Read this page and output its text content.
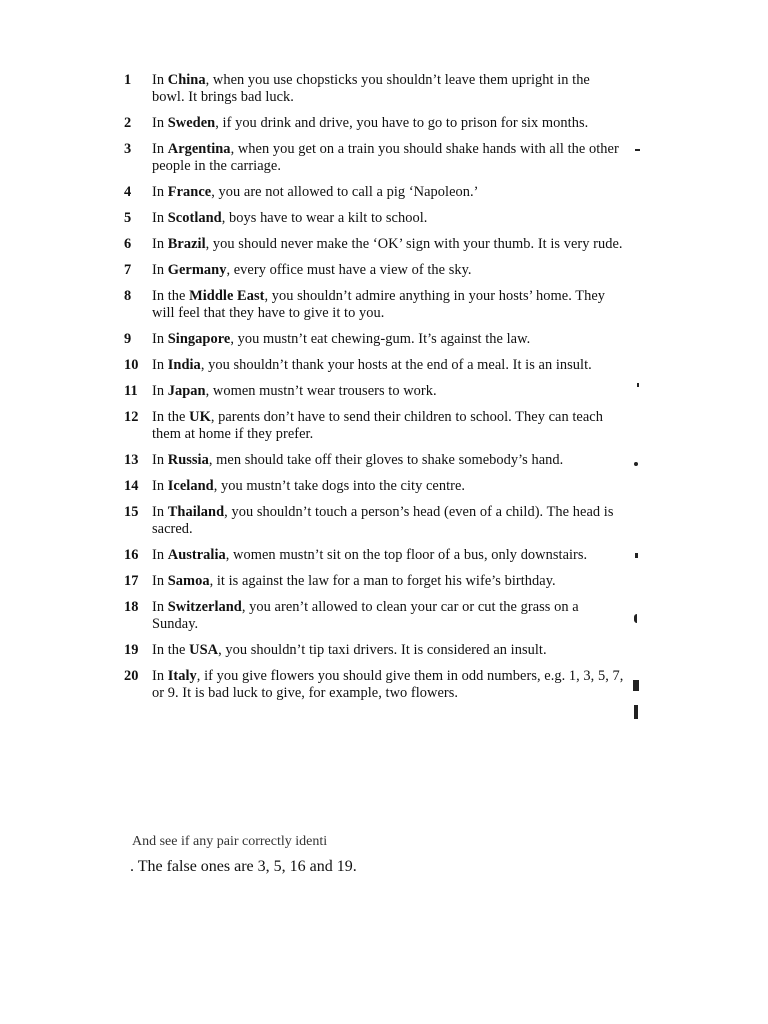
1	In China, when you use chopsticks you shouldn’t leave them upright in the bowl. It brings bad luck.
2	In Sweden, if you drink and drive, you have to go to prison for six months.
3	In Argentina, when you get on a train you should shake hands with all the other people in the carriage.
4	In France, you are not allowed to call a pig ‘Napoleon.’
5	In Scotland, boys have to wear a kilt to school.
6	In Brazil, you should never make the ‘OK’ sign with your thumb. It is very rude.
7	In Germany, every office must have a view of the sky.
8	In the Middle East, you shouldn’t admire anything in your hosts’ home. They will feel that they have to give it to you.
9	In Singapore, you mustn’t eat chewing-gum. It’s against the law.
10 In India, you shouldn’t thank your hosts at the end of a meal. It is an insult.
11 In Japan, women mustn’t wear trousers to work.
12 In the UK, parents don’t have to send their children to school. They can teach them at home if they prefer.
13 In Russia, men should take off their gloves to shake somebody’s hand.
14 In Iceland, you mustn’t take dogs into the city centre.
15 In Thailand, you shouldn’t touch a person’s head (even of a child). The head is sacred.
16 In Australia, women mustn’t sit on the top floor of a bus, only downstairs.
17 In Samoa, it is against the law for a man to forget his wife’s birthday.
18 In Switzerland, you aren’t allowed to clean your car or cut the grass on a Sunday.
19 In the USA, you shouldn’t tip taxi drivers. It is considered an insult.
20 In Italy, if you give flowers you should give them in odd numbers, e.g. 1, 3, 5, 7, or 9. It is bad luck to give, for example, two flowers.
And see if any pair correctly identi
. The false ones are 3, 5, 16 and 19.
